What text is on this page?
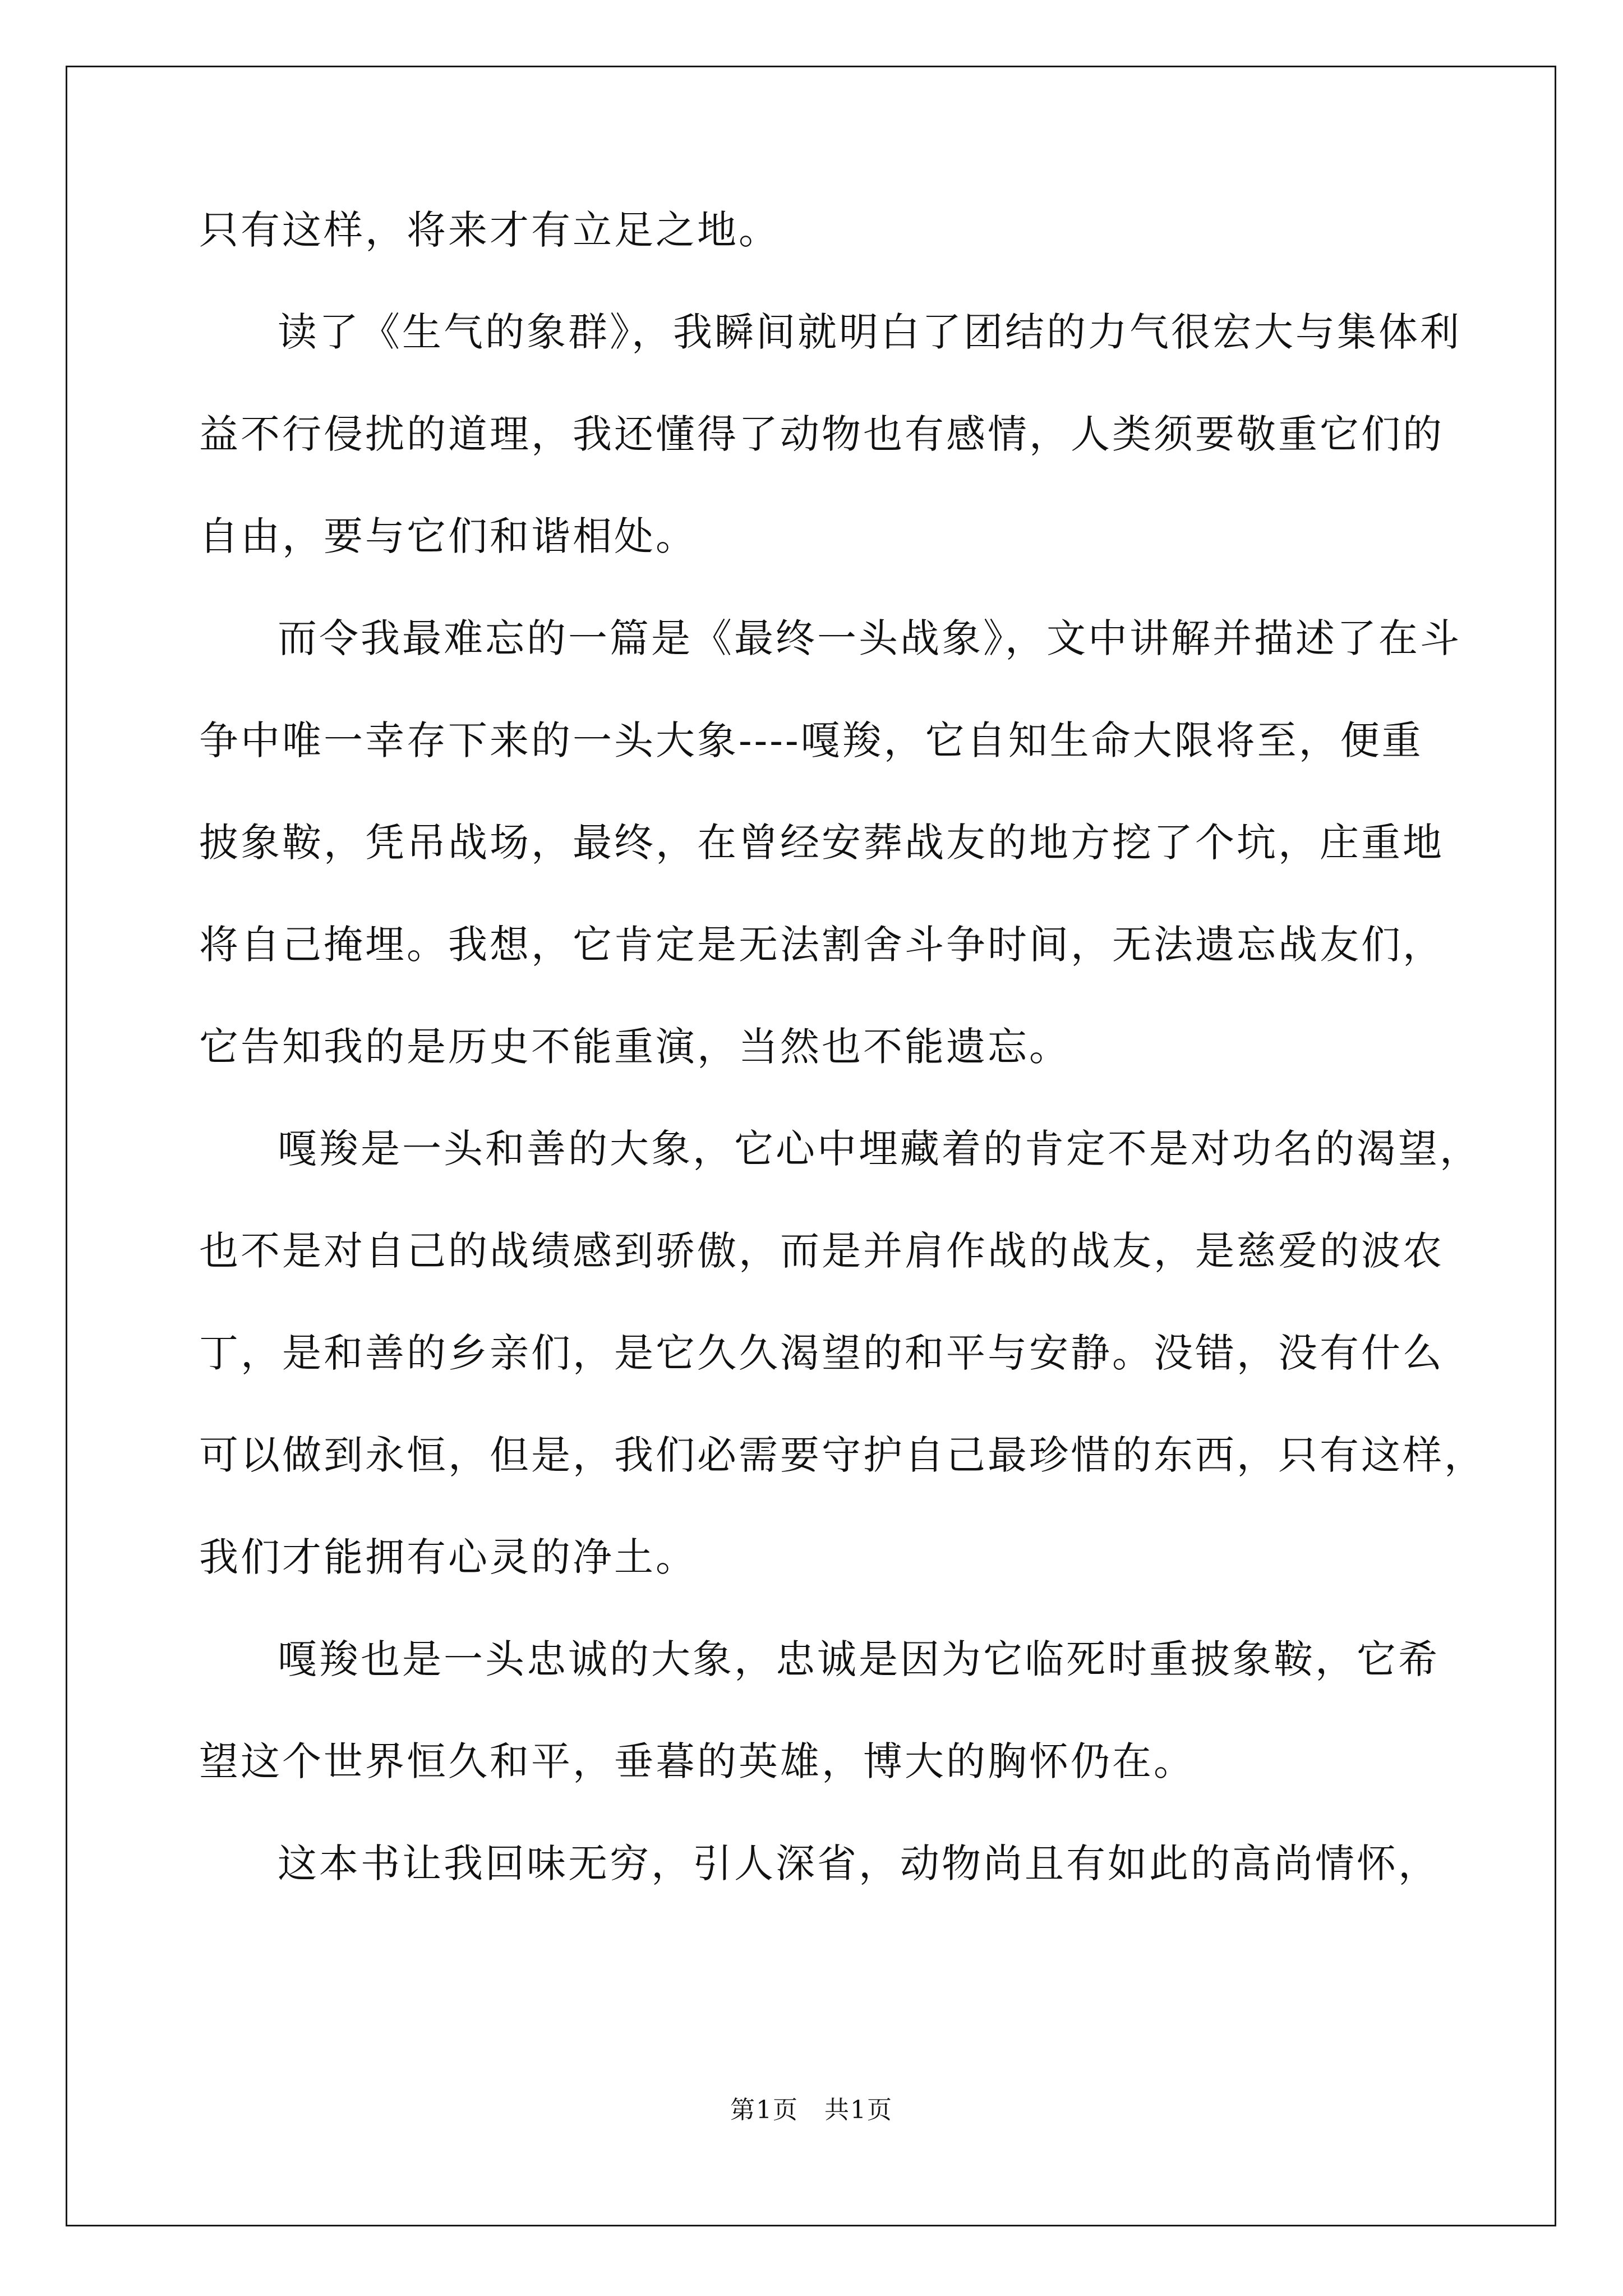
只有这样，将来才有立足之地。
读了《生气的象群》，我瞬间就明白了团结的力气很宏大与集体利
益不行侵扰的道理，我还懂得了动物也有感情，人类须要敬重它们的
自由，要与它们和谐相处。
而令我最难忘的一篇是《最终一头战象》，文中讲解并描述了在斗
争中唯一幸存下来的一头大象----嘎羧，它自知生命大限将至，便重
披象鞍，凭吊战场，最终，在曾经安葬战友的地方挖了个坑，庄重地
将自己掩埋。我想，它肯定是无法割舍斗争时间，无法遗忘战友们，
它告知我的是历史不能重演，当然也不能遗忘。
嘎羧是一头和善的大象，它心中埋藏着的肯定不是对功名的渴望，
也不是对自己的战绩感到骄傲，而是并肩作战的战友，是慈爱的波农
丁，是和善的乡亲们，是它久久渴望的和平与安静。没错，没有什么
可以做到永恒，但是，我们必需要守护自己最珍惜的东西，只有这样，
我们才能拥有心灵的净土。
嘎羧也是一头忠诚的大象，忠诚是因为它临死时重披象鞍，它希
望这个世界恒久和平，垂暮的英雄，博大的胸怀仍在。
这本书让我回味无穷，引人深省，动物尚且有如此的高尚情怀，
第1页　共1页
